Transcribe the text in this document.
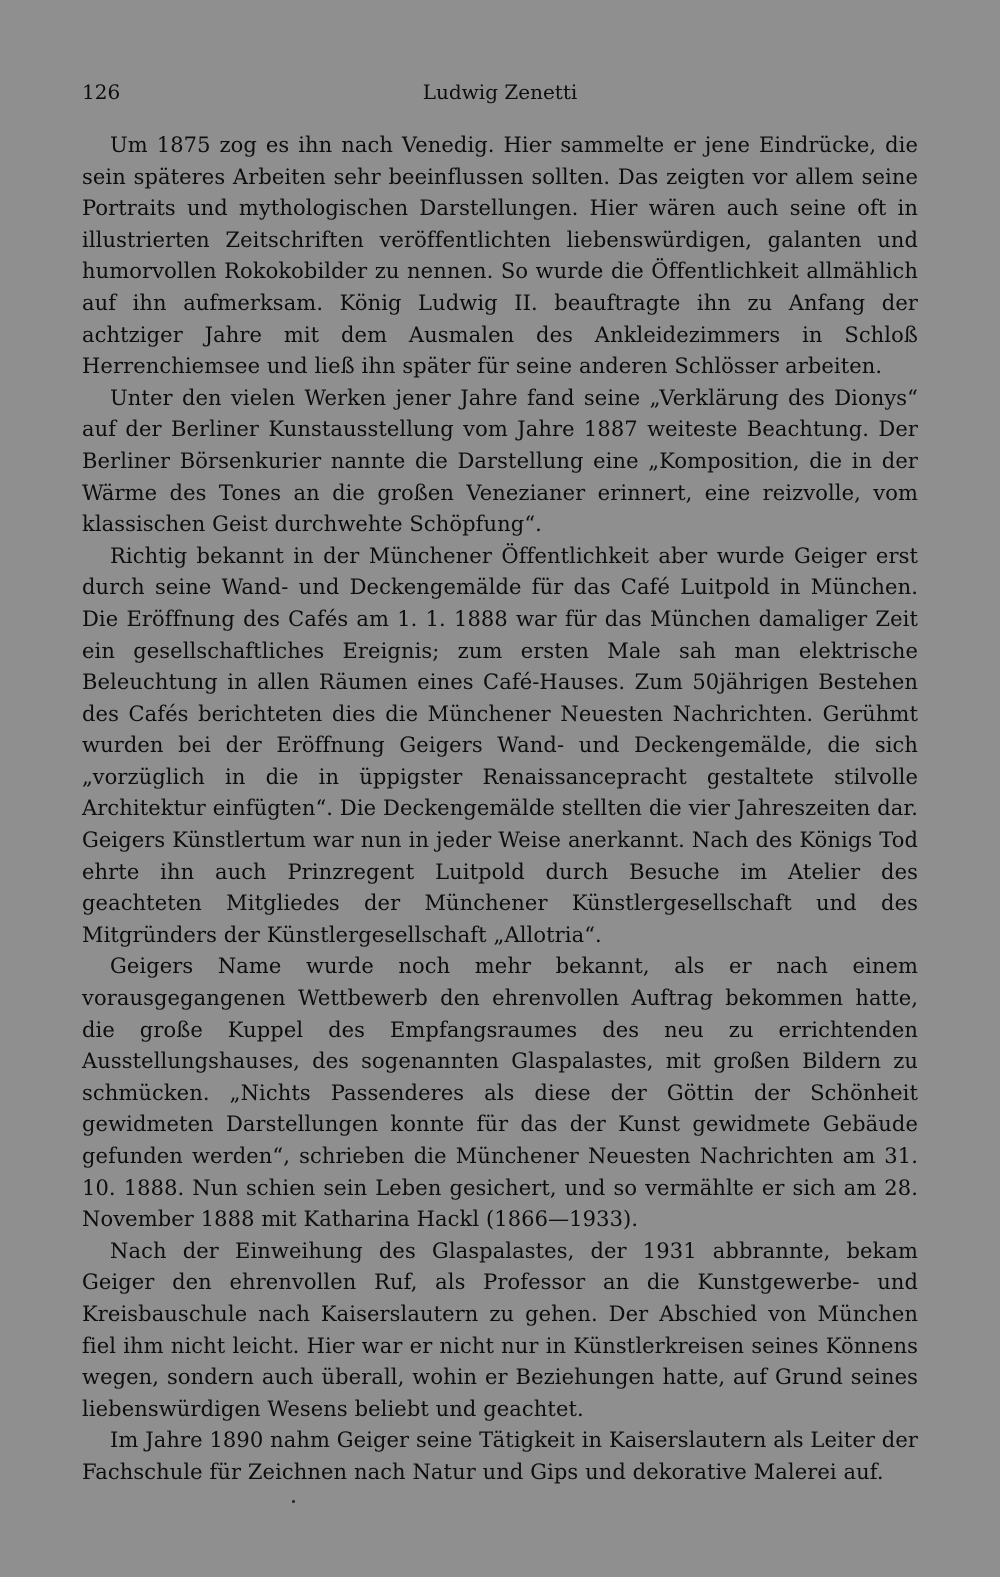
126	Ludwig Zenetti

Um 1875 zog es ihn nach Venedig. Hier sammelte er jene Eindrücke, die sein späteres Arbeiten sehr beeinflussen sollten. Das zeigten vor allem seine Portraits und mythologischen Darstellungen. Hier wären auch seine oft in illustrierten Zeitschriften veröffentlichten liebenswürdigen, galanten und humorvollen Rokokobilder zu nennen. So wurde die Öffentlichkeit allmählich auf ihn aufmerksam. König Ludwig II. beauftragte ihn zu Anfang der achtziger Jahre mit dem Ausmalen des Ankleidezimmers in Schloß Herrenchiemsee und ließ ihn später für seine anderen Schlösser arbeiten.

Unter den vielen Werken jener Jahre fand seine „Verklärung des Dionys“ auf der Berliner Kunstausstellung vom Jahre 1887 weiteste Beachtung. Der Berliner Börsenkurier nannte die Darstellung eine „Komposition, die in der Wärme des Tones an die großen Venezianer erinnert, eine reizvolle, vom klassischen Geist durchwehte Schöpfung“.

Richtig bekannt in der Münchener Öffentlichkeit aber wurde Geiger erst durch seine Wand- und Deckengemälde für das Café Luitpold in München. Die Eröffnung des Cafés am 1. 1. 1888 war für das München damaliger Zeit ein gesellschaftliches Ereignis; zum ersten Male sah man elektrische Beleuchtung in allen Räumen eines Café-Hauses. Zum 50jährigen Bestehen des Cafés berichteten dies die Münchener Neuesten Nachrichten. Gerühmt wurden bei der Eröffnung Geigers Wand- und Deckengemälde, die sich „vorzüglich in die in üppigster Renaissancepracht gestaltete stilvolle Architektur einfügten“. Die Deckengemälde stellten die vier Jahreszeiten dar. Geigers Künstlertum war nun in jeder Weise anerkannt. Nach des Königs Tod ehrte ihn auch Prinzregent Luitpold durch Besuche im Atelier des geachteten Mitgliedes der Münchener Künstlergesellschaft und des Mitgründers der Künstlergesellschaft „Allotria“.

Geigers Name wurde noch mehr bekannt, als er nach einem vorausgegangenen Wettbewerb den ehrenvollen Auftrag bekommen hatte, die große Kuppel des Empfangsraumes des neu zu errichtenden Ausstellungshauses, des sogenannten Glaspalastes, mit großen Bildern zu schmücken. „Nichts Passenderes als diese der Göttin der Schönheit gewidmeten Darstellungen konnte für das der Kunst gewidmete Gebäude gefunden werden“, schrieben die Münchener Neuesten Nachrichten am 31. 10. 1888. Nun schien sein Leben gesichert, und so vermählte er sich am 28. November 1888 mit Katharina Hackl (1866—1933).

Nach der Einweihung des Glaspalastes, der 1931 abbrannte, bekam Geiger den ehrenvollen Ruf, als Professor an die Kunstgewerbe- und Kreisbauschule nach Kaiserslautern zu gehen. Der Abschied von München fiel ihm nicht leicht. Hier war er nicht nur in Künstlerkreisen seines Könnens wegen, sondern auch überall, wohin er Beziehungen hatte, auf Grund seines liebenswürdigen Wesens beliebt und geachtet.

Im Jahre 1890 nahm Geiger seine Tätigkeit in Kaiserslautern als Leiter der Fachschule für Zeichnen nach Natur und Gips und dekorative Malerei auf.
